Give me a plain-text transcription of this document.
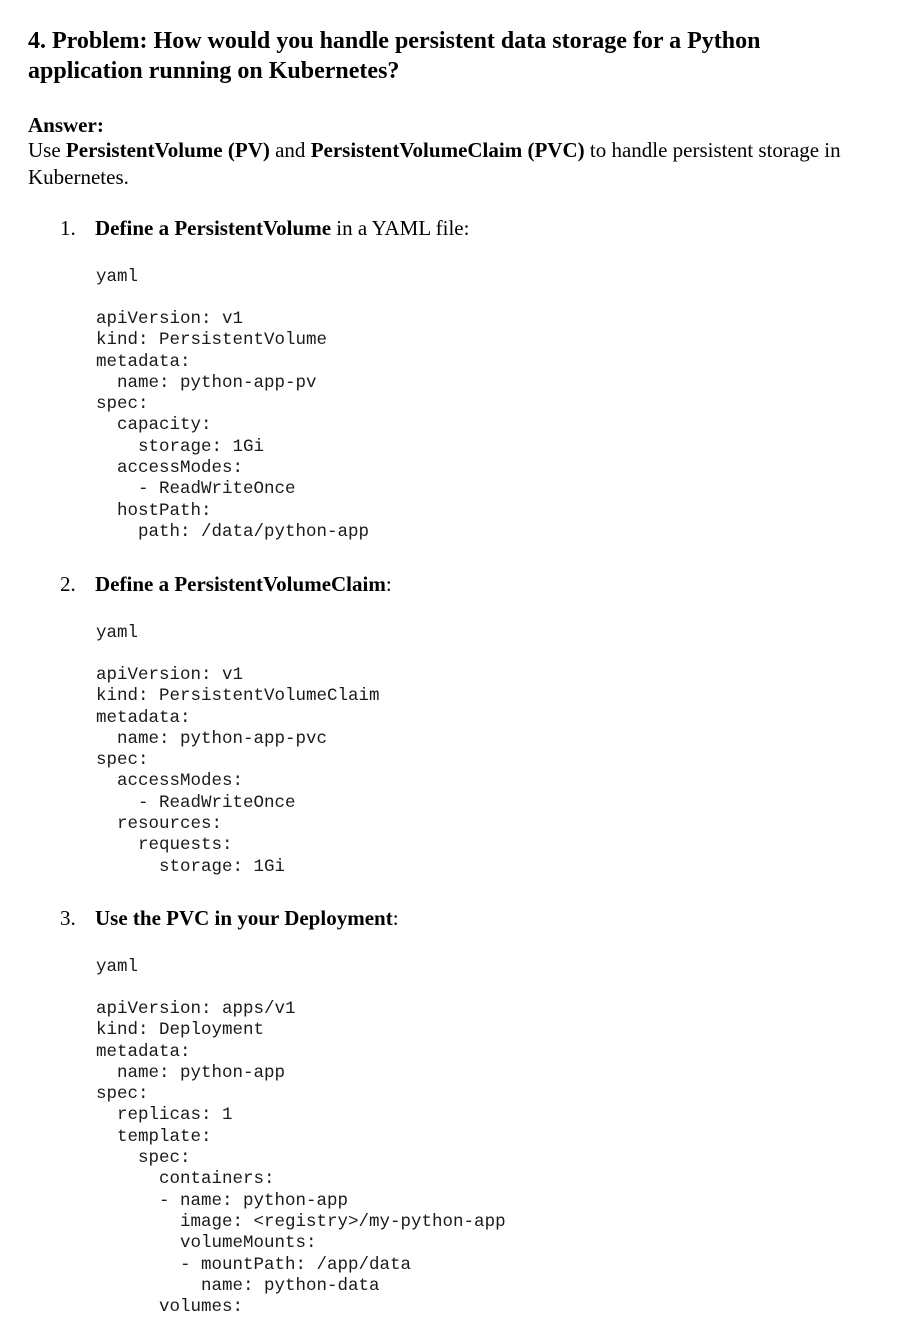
4. Problem: How would you handle persistent data storage for a Python application running on Kubernetes?

Answer:

Use PersistentVolume (PV) and PersistentVolumeClaim (PVC) to handle persistent storage in Kubernetes.

1. Define a PersistentVolume in a YAML file:

yaml

apiVersion: v1
kind: PersistentVolume
metadata:
name: python-app-pv
spec:
capacity:
storage: 1Gi
accessModes:
- ReadWriteOnce
hostPath:
path: /data/python-app

2. Define a PersistentVolumeClaim:

yaml

apiVersion: v1
kind: PersistentVolumeClaim
metadata:
name: python-app-pvc
spec:
accessModes:
- ReadWriteOnce
resources:
requests:
storage: 1Gi

3. Use the PVC in your Deployment:

yaml

apiVersion: apps/v1
kind: Deployment
metadata:
name: python-app
spec:
replicas: 1
template:
spec:
containers:
- name: python-app
image: <registry>/my-python-app
volumeMounts:
- mountPath: /app/data
name: python-data
volumes:
